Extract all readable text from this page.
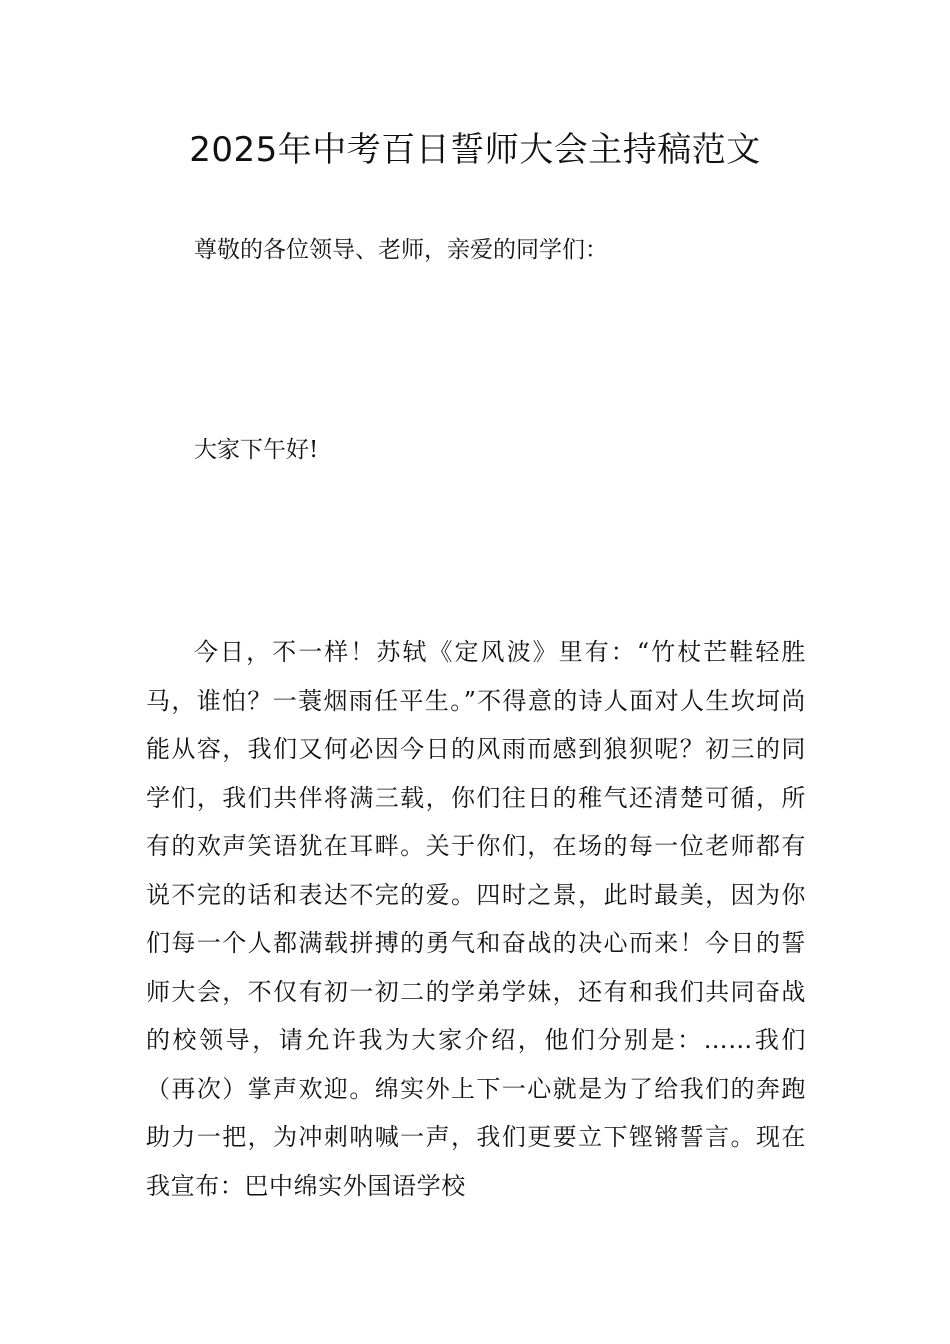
2025年中考百日誓师大会主持稿范文

尊敬的各位领导、老师，亲爱的同学们：

大家下午好!

今日，不一样！苏轼《定风波》里有：“竹杖芒鞋轻胜马，谁怕？一蓑烟雨任平生。”不得意的诗人面对人生坎坷尚能从容，我们又何必因今日的风雨而感到狼狈呢？初三的同学们，我们共伴将满三载，你们往日的稚气还清楚可循，所有的欢声笑语犹在耳畔。关于你们，在场的每一位老师都有说不完的话和表达不完的爱。四时之景，此时最美，因为你们每一个人都满载拼搏的勇气和奋战的决心而来！今日的誓师大会，不仅有初一初二的学弟学妹，还有和我们共同奋战的校领导，请允许我为大家介绍，他们分别是：……我们（再次）掌声欢迎。绵实外上下一心就是为了给我们的奔跑助力一把，为冲刺呐喊一声，我们更要立下铿锵誓言。现在我宣布：巴中绵实外国语学校
